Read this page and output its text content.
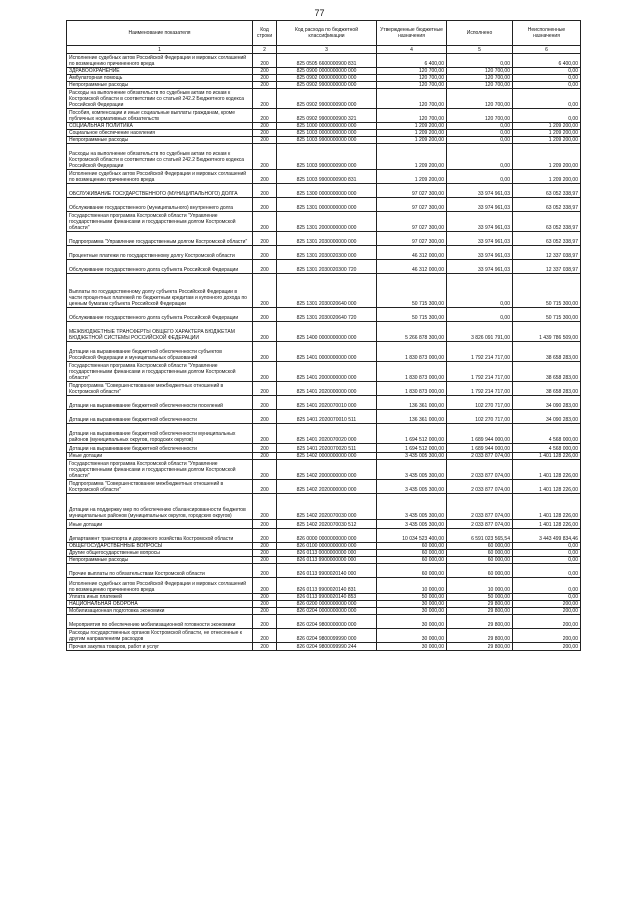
77
Наименование показателя	Код строки	Код расхода по бюджетной классификации	Утвержденные бюджетные назначения	Исполнено	Неисполненные назначения
1	2	3	4	5	6
Исполнение судебных актов Российской Федерации и мировых соглашений по возмещению причиненного вреда	200	825 0505 6600000900 831	6 400,00	0,00	6 400,00
ЗДРАВООХРАНЕНИЕ	200	825 0900 0000000000 000	120 700,00	120 700,00	0,00
Амбулаторная помощь	200	825 0902 0000000000 000	120 700,00	120 700,00	0,00
Непрограммные расходы	200	825 0902 9900000000 000	120 700,00	120 700,00	0,00
Расходы на выполнение обязательств по судебным актам по искам к Костромской области в соответствии со статьей 242.2 Бюджетного кодекса Российской Федерации	200	825 0902 9900000900 000	120 700,00	120 700,00	0,00
Пособия, компенсации и иные социальные выплаты гражданам, кроме публичных нормативных обязательств	200	825 0902 9900000900 321	120 700,00	120 700,00	0,00
СОЦИАЛЬНАЯ ПОЛИТИКА	200	825 1000 0000000000 000	1 209 200,00	0,00	1 209 200,00
Социальное обеспечение населения	200	825 1003 0000000000 000	1 209 200,00	0,00	1 209 200,00
Непрограммные расходы	200	825 1003 9900000000 000	1 209 200,00	0,00	1 209 200,00
Расходы на выполнение обязательств по судебным актам по искам к Костромской области в соответствии со статьей 242.2 Бюджетного кодекса Российской Федерации	200	825 1003 9900000900 000	1 209 200,00	0,00	1 209 200,00
Исполнение судебных актов Российской Федерации и мировых соглашений по возмещению причиненного вреда	200	825 1003 9900000900 831	1 209 200,00	0,00	1 209 200,00
ОБСЛУЖИВАНИЕ ГОСУДАРСТВЕННОГО (МУНИЦИПАЛЬНОГО) ДОЛГА	200	825 1300 0000000000 000	97 027 300,00	33 974 961,03	63 052 338,97
Обслуживание государственного (муниципального) внутреннего долга	200	825 1301 0000000000 000	97 027 300,00	33 974 961,03	63 052 338,97
Государственная программа Костромской области "Управление государственными финансами и государственным долгом Костромской области"	200	825 1301 2000000000 000	97 027 300,00	33 974 961,03	63 052 338,97
Подпрограмма "Управление государственным долгом Костромской области"	200	825 1301 2030000000 000	97 027 300,00	33 974 961,03	63 052 338,97
Процентные платежи по государственному долгу Костромской области	200	825 1301 2030020300 000	46 312 000,00	33 974 961,03	12 337 038,97
Обслуживание государственного долга субъекта Российской Федерации	200	825 1301 2030020300 720	46 312 000,00	33 974 961,03	12 337 038,97
Выплаты по государственному долгу субъекта Российской Федерации в части процентных платежей по бюджетным кредитам и купонного дохода по ценным бумагам субъекта Российской Федерации	200	825 1301 2030020640 000	50 715 300,00	0,00	50 715 300,00
Обслуживание государственного долга субъекта Российской Федерации	200	825 1301 2030020640 720	50 715 300,00	0,00	50 715 300,00
МЕЖБЮДЖЕТНЫЕ ТРАНСФЕРТЫ ОБЩЕГО ХАРАКТЕРА БЮДЖЕТАМ БЮДЖЕТНОЙ СИСТЕМЫ РОССИЙСКОЙ ФЕДЕРАЦИИ	200	825 1400 0000000000 000	5 266 878 300,00	3 826 091 791,00	1 439 786 509,00
Дотации на выравнивание бюджетной обеспеченности субъектов Российской Федерации и муниципальных образований	200	825 1401 0000000000 000	1 830 873 000,00	1 792 214 717,00	38 658 283,00
Государственная программа Костромской области "Управление государственными финансами и государственным долгом Костромской области"	200	825 1401 2000000000 000	1 830 873 000,00	1 792 214 717,00	38 658 283,00
Подпрограмма "Совершенствование межбюджетных отношений в Костромской области"	200	825 1401 2020000000 000	1 830 873 000,00	1 792 214 717,00	38 658 283,00
Дотации на выравнивание бюджетной обеспеченности поселений	200	825 1401 2020070010 000	136 361 000,00	102 270 717,00	34 090 283,00
Дотации на выравнивание бюджетной обеспеченности	200	825 1401 2020070010 511	136 361 000,00	102 270 717,00	34 090 283,00
Дотации на выравнивание бюджетной обеспеченности муниципальных районов (муниципальных округов, городских округов)	200	825 1401 2020070020 000	1 694 512 000,00	1 689 944 000,00	4 568 000,00
Дотации на выравнивание бюджетной обеспеченности	200	825 1401 2020070020 511	1 694 512 000,00	1 689 944 000,00	4 568 000,00
Иные дотации	200	825 1402 0000000000 000	3 435 005 300,00	2 033 877 074,00	1 401 128 226,00
Государственная программа Костромской области "Управление государственными финансами и государственным долгом Костромской области"	200	825 1402 2000000000 000	3 435 005 300,00	2 033 877 074,00	1 401 128 226,00
Подпрограмма "Совершенствование межбюджетных отношений в Костромской области"	200	825 1402 2020000000 000	3 435 005 300,00	2 033 877 074,00	1 401 128 226,00
Дотации на поддержку мер по обеспечению сбалансированности бюджетов муниципальных районов (муниципальных округов, городских округов)	200	825 1402 2020070030 000	3 435 005 300,00	2 033 877 074,00	1 401 128 226,00
Иные дотации	200	825 1402 2020070030 512	3 435 005 300,00	2 033 877 074,00	1 401 128 226,00
Департамент транспорта и дорожного хозяйства Костромской области	200	826 0000 0000000000 000	10 034 523 400,00	6 591 023 565,54	3 443 499 834,46
ОБЩЕГОСУДАРСТВЕННЫЕ ВОПРОСЫ	200	826 0100 0000000000 000	60 000,00	60 000,00	0,00
Другие общегосударственные вопросы	200	826 0113 0000000000 000	60 000,00	60 000,00	0,00
Непрограммные расходы	200	826 0113 9900000000 000	60 000,00	60 000,00	0,00
Прочие выплаты по обязательствам Костромской области	200	826 0113 9900020140 000	60 000,00	60 000,00	0,00
Исполнение судебных актов Российской Федерации и мировых соглашений по возмещению причиненного вреда	200	826 0113 9900020140 831	10 000,00	10 000,00	0,00
Уплата иных платежей	200	826 0113 9900020140 853	50 000,00	50 000,00	0,00
НАЦИОНАЛЬНАЯ ОБОРОНА	200	826 0200 0000000000 000	30 000,00	29 800,00	200,00
Мобилизационная подготовка экономики	200	826 0204 0000000000 000	30 000,00	29 800,00	200,00
Мероприятия по обеспечению мобилизационной готовности экономики	200	826 0204 9800000000 000	30 000,00	29 800,00	200,00
Расходы государственных органов Костромской области, не отнесенные к другим направлениям расходов	200	826 0204 9800099990 000	30 000,00	29 800,00	200,00
Прочая закупка товаров, работ и услуг	200	826 0204 9800099990 244	30 000,00	29 800,00	200,00
